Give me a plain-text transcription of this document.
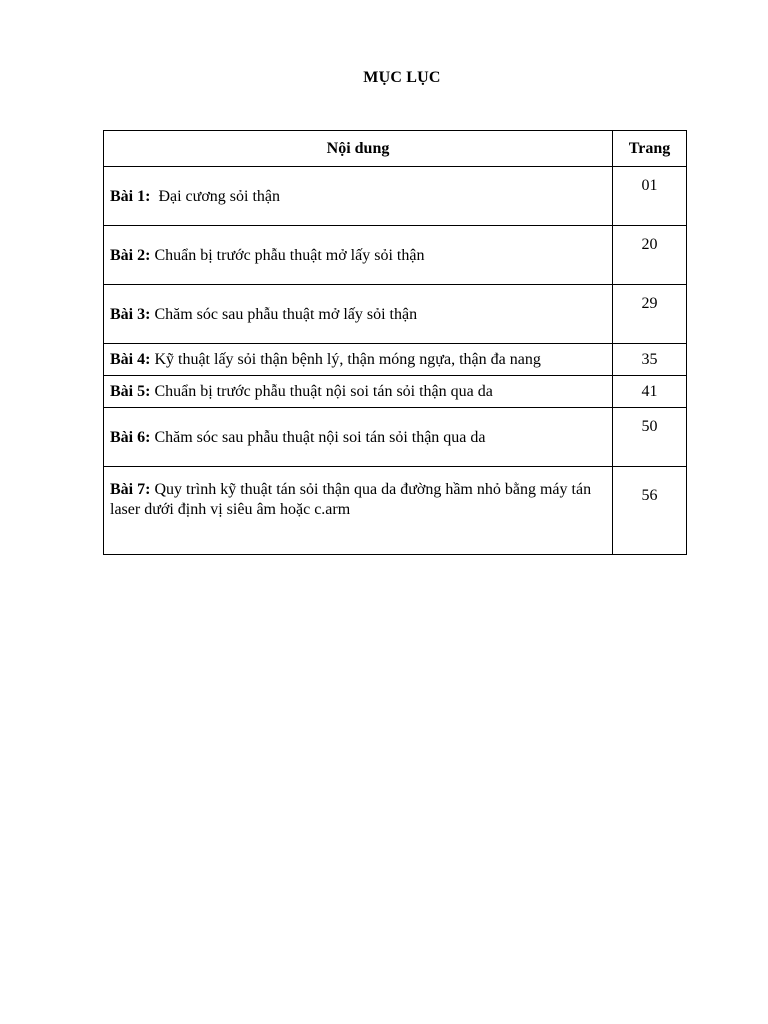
MỤC LỤC
Nội dung	Trang
Bài 1: Đại cương sỏi thận	01
Bài 2: Chuẩn bị trước phẫu thuật mở lấy sỏi thận	20
Bài 3: Chăm sóc sau phẫu thuật mở lấy sỏi thận	29
Bài 4: Kỹ thuật lấy sỏi thận bệnh lý, thận móng ngựa, thận đa nang	35
Bài 5: Chuẩn bị trước phẫu thuật nội soi tán sỏi thận qua da	41
Bài 6: Chăm sóc sau phẫu thuật nội soi tán sỏi thận qua da	50
Bài 7: Quy trình kỹ thuật tán sỏi thận qua da đường hầm nhỏ bằng máy tán laser dưới định vị siêu âm hoặc c.arm	56
